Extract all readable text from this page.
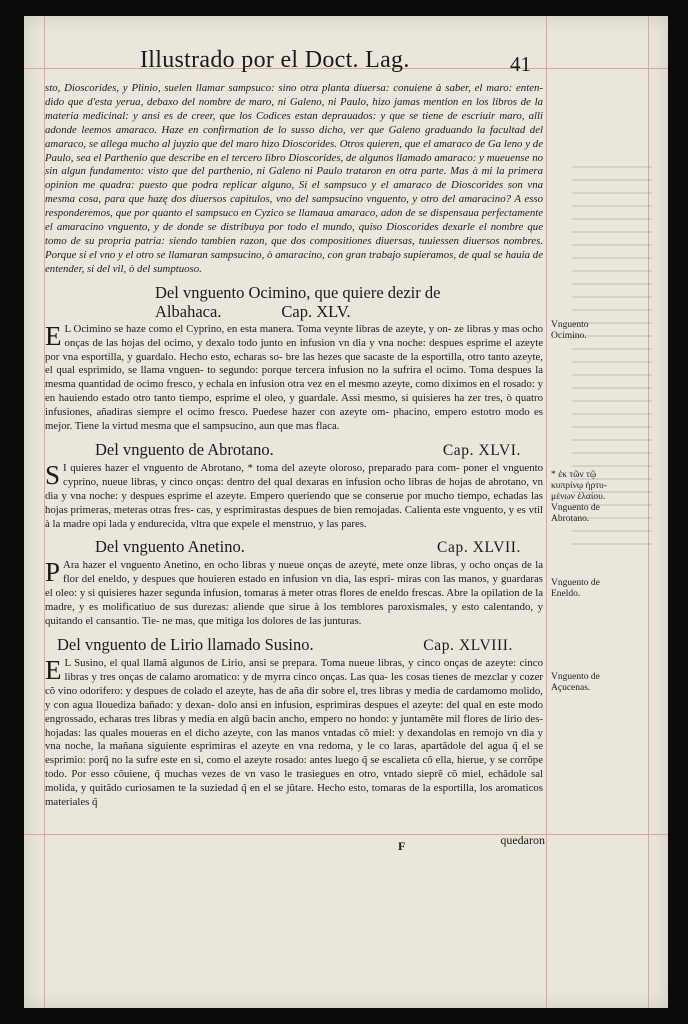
Illustrado por el Doct. Lag.	41
sto, Dioscorides, y Plinio, suelen llamar sampsuco: sino otra planta diuersa: conuiene à saber, el maro: enten- dido que d'esta yerua, debaxo del nombre de maro, ni Galeno, ni Paulo, hizo jamas mention en los libros de la materia medicinal: y ansi es de creer, que los Codices estan deprauados: y que se tiene de escriuir maro, alli adonde leemos amaraco. Haze en confirmation de lo susso dicho, ver que Galeno graduando la facultad del amaraco, se allega mucho al juyzio que del maro hizo Dioscorides. Otros quieren, que el amaraco de Ga leno y de Paulo, sea el Parthenio que describe en el tercero libro Dioscorides, de algunos llamado amaraco: y mueuense no sin algun fundamento: visto que del parthenio, ni Galeno ni Paulo trataron en otra parte. Mas à mi la primera opinion me quadra: puesto que podra replicar alguno, Si el sampsuco y el amaraco de Dioscorides son vna mesma cosa, para que hazę dos diuersos capitulos, vno del sampsucino vnguento, y otro del amaracino? A esso responderemos, que por quanto el sampsuco en Cyzico se llamaua amaraco, adon de se dispensaua perfectamente el amaracino vnguento, y de donde se distribuya por todo el mundo, quiso Dioscorides dexarle el nombre que tomo de su propria patria: siendo tambien razon, que dos compositiones diuersas, tuuiessen diuersos nombres. Porque si el vno y el otro se llamaran sampsucino, ò amaracino, con gran trabajo supieramos, de qual se hauia de entender, si del vil, ò del sumptuoso.
Del vnguento Ocimino, que quiere dezir de
Albahaca.	Cap. XLV.
E L Ocimino se haze como el Cyprino, en esta manera. Toma veynte libras de azeyte, y on- ze libras y mas ocho onças de las hojas del ocimo, y dexalo todo junto en infusion vn dia y vna noche: despues esprime el azeyte por vna esportilla, y guardalo. Hecho esto, echaras so- bre las hezes que sacaste de la esportilla, otro tanto azeyte, el qual esprimido, se llama vnguen- to segundo: porque tercera infusion no la sufrira el ocimo. Toma despues la mesma quantidad de ocimo fresco, y echala en infusion otra vez en el mesmo azeyte, como diximos en el rosado: y en hauiendo estado otro tanto tiempo, esprime el oleo, y guardale. Assi mesmo, si quisieres ha zer tres, ò quatro infusiones, añadiras siempre el ocimo fresco. Puedese hazer con azeyte om- phacino, empero estotro modo es mejor. Tiene la virtud mesma que el sampsucino, aun que mas flaca.
Del vnguento de Abrotano.	Cap. XLVI.
S I quieres hazer el vnguento de Abrotano, * toma del azeyte oloroso, preparado para com- poner el vnguento cyprino, nueue libras, y cinco onças: dentro del qual dexaras en infusion ocho libras de hojas de abrotano, vn dia y vna noche: y despues esprime el azeyte. Empero queriendo que se conserue por mucho tiempo, echadas las hojas primeras, meteras otras fres- cas, y esprimirastas despues de bien remojadas. Calienta este vnguento, y es vtil à la madre opi lada y endurecida, vltra que expele el menstruo, y las pares.
Del vnguento Anetino.	Cap. XLVII.
P Ara hazer el vnguento Anetino, en ocho libras y nueue onças de azeyte, mete onze libras, y ocho onças de la flor del eneldo, y despues que houieren estado en infusion vn dia, las espri- miras con las manos, y guardaras el oleo: y si quisieres hazer segunda infusion, tomaras à meter otras flores de eneldo frescas. Abre la opilation de la madre, y es molificatiuo de sus durezas: aliende que sirue à los temblores paroxismales, y esto calentando, y quitando el cansantio. Tie- ne mas, que mitiga los dolores de las junturas.
Del vnguento de Lirio llamado Susino.	Cap. XLVIII.
E L Susino, el qual llamã algunos de Lirio, ansi se prepara. Toma nueue libras, y cinco onças de azeyte: cinco libras y tres onças de calamo aromatico: y de myrra cinco onças. Las qua- les cosas tienes de mezclar y cozer cõ vino odorifero: y despues de colado el azeyte, has de aña dir sobre el, tres libras y media de cardamomo molido, y con agua llouediza bañado: y dexan- dolo ansi en infusion, esprimiras despues el azeyte: del qual en este modo engrossado, echaras tres libras y media en algũ bacin ancho, empero no hondo: y juntamẽte mil flores de lirio des- hojadas: las quales moueras en el dicho azeyte, con las manos vntadas cõ miel: y dexandolas en remojo vn dia y vna noche, la mañana siguiente esprimiras el azeyte en vna redoma, y le co laras, apartãdole del agua q̃ el se esprimio: porq̃ no la sufre este en si, como el azeyte rosado: antes luego q̃ se escalieta cõ ella, hierue, y se corrõpe todo. Por esso cõuiene, q̃ muchas vezes de vn vaso le trasiegues en otro, vntado sieprẽ cõ miel, echãdole sal molida, y quitãdo curiosamen te la suziedad q̃ en el se jũtare. Hecho esto, tomaras de la esportilla, los aromaticos materiales q̃
F	quedaron
Vnguento
Ocimino.
* ἐκ τῶν τῷ
κυπρίνῳ ἠρτυ-
μένων ἐλαίου.
Vnguento de
Abrotano.
Vnguento de
Eneldo.
Vnguento de
Açucenas.
